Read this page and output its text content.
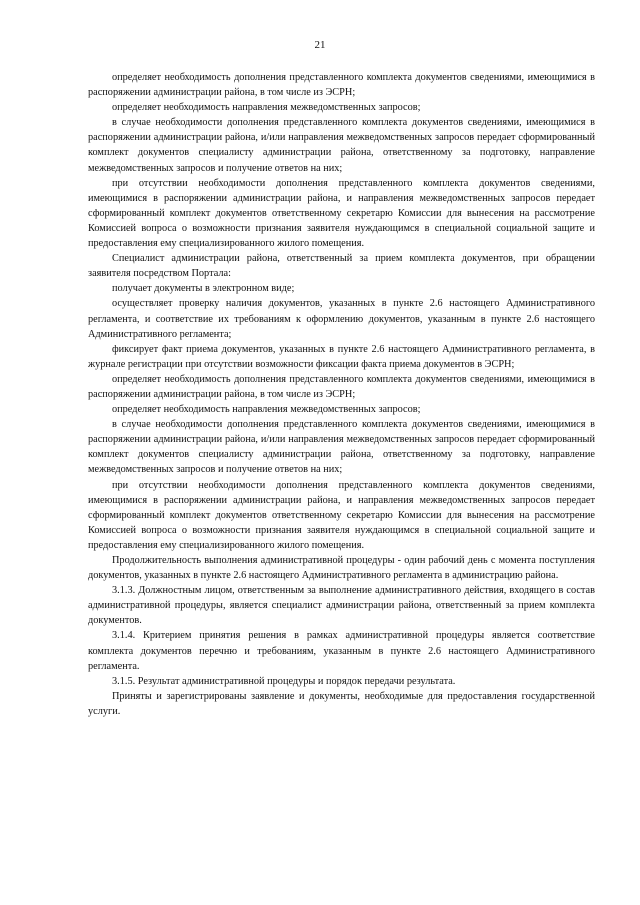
21

определяет необходимость дополнения представленного комплекта документов сведениями, имеющимися в распоряжении администрации района, в том числе из ЭСРН;

определяет необходимость направления межведомственных запросов;

в случае необходимости дополнения представленного комплекта документов сведениями, имеющимися в распоряжении администрации района, и/или направления межведомственных запросов передает сформированный комплект документов специалисту администрации района, ответственному за подготовку, направление межведомственных запросов и получение ответов на них;

при отсутствии необходимости дополнения представленного комплекта документов сведениями, имеющимися в распоряжении администрации района, и направления межведомственных запросов передает сформированный комплект документов ответственному секретарю Комиссии для вынесения на рассмотрение Комиссией вопроса о возможности признания заявителя нуждающимся в специальной социальной защите и предоставления ему специализированного жилого помещения.

Специалист администрации района, ответственный за прием комплекта документов, при обращении заявителя посредством Портала:

получает документы в электронном виде;

осуществляет проверку наличия документов, указанных в пункте 2.6 настоящего Административного регламента, и соответствие их требованиям к оформлению документов, указанным в пункте 2.6 настоящего Административного регламента;

фиксирует факт приема документов, указанных в пункте 2.6 настоящего Административного регламента, в журнале регистрации при отсутствии возможности фиксации факта приема документов в ЭСРН;

определяет необходимость дополнения представленного комплекта документов сведениями, имеющимися в распоряжении администрации района, в том числе из ЭСРН;

определяет необходимость направления межведомственных запросов;

в случае необходимости дополнения представленного комплекта документов сведениями, имеющимися в распоряжении администрации района, и/или направления межведомственных запросов передает сформированный комплект документов специалисту администрации района, ответственному за подготовку, направление межведомственных запросов и получение ответов на них;

при отсутствии необходимости дополнения представленного комплекта документов сведениями, имеющимися в распоряжении администрации района, и направления межведомственных запросов передает сформированный комплект документов ответственному секретарю Комиссии для вынесения на рассмотрение Комиссией вопроса о возможности признания заявителя нуждающимся в специальной социальной защите и предоставления ему специализированного жилого помещения.

Продолжительность выполнения административной процедуры - один рабочий день с момента поступления документов, указанных в пункте 2.6 настоящего Административного регламента в администрацию района.

3.1.3. Должностным лицом, ответственным за выполнение административного действия, входящего в состав административной процедуры, является специалист администрации района, ответственный за прием комплекта документов.

3.1.4. Критерием принятия решения в рамках административной процедуры является соответствие комплекта документов перечню и требованиям, указанным в пункте 2.6 настоящего Административного регламента.

3.1.5. Результат административной процедуры и порядок передачи результата.

Приняты и зарегистрированы заявление и документы, необходимые для предоставления государственной услуги.
